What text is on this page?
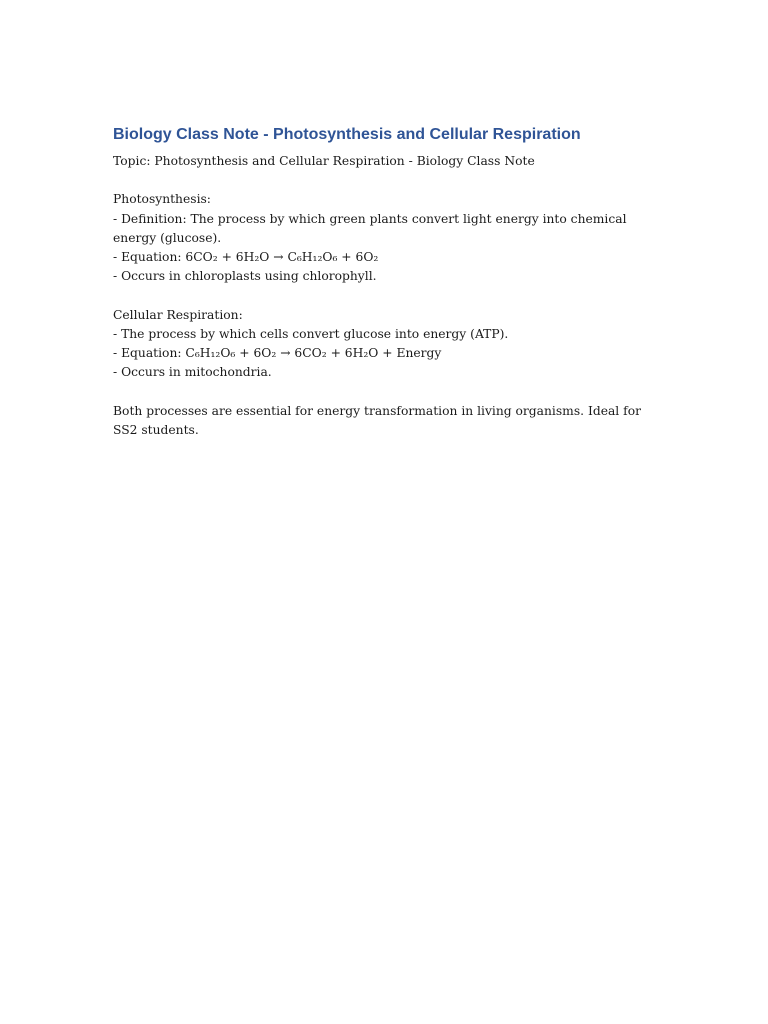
Biology Class Note - Photosynthesis and Cellular Respiration

Topic: Photosynthesis and Cellular Respiration - Biology Class Note

Photosynthesis:

- Definition: The process by which green plants convert light energy into chemical energy (glucose).

- Equation: 6CO₂ + 6H₂O → C₆H₁₂O₆ + 6O₂

- Occurs in chloroplasts using chlorophyll.

Cellular Respiration:

- The process by which cells convert glucose into energy (ATP).

- Equation: C₆H₁₂O₆ + 6O₂ → 6CO₂ + 6H₂O + Energy

- Occurs in mitochondria.

Both processes are essential for energy transformation in living organisms. Ideal for SS2 students.
